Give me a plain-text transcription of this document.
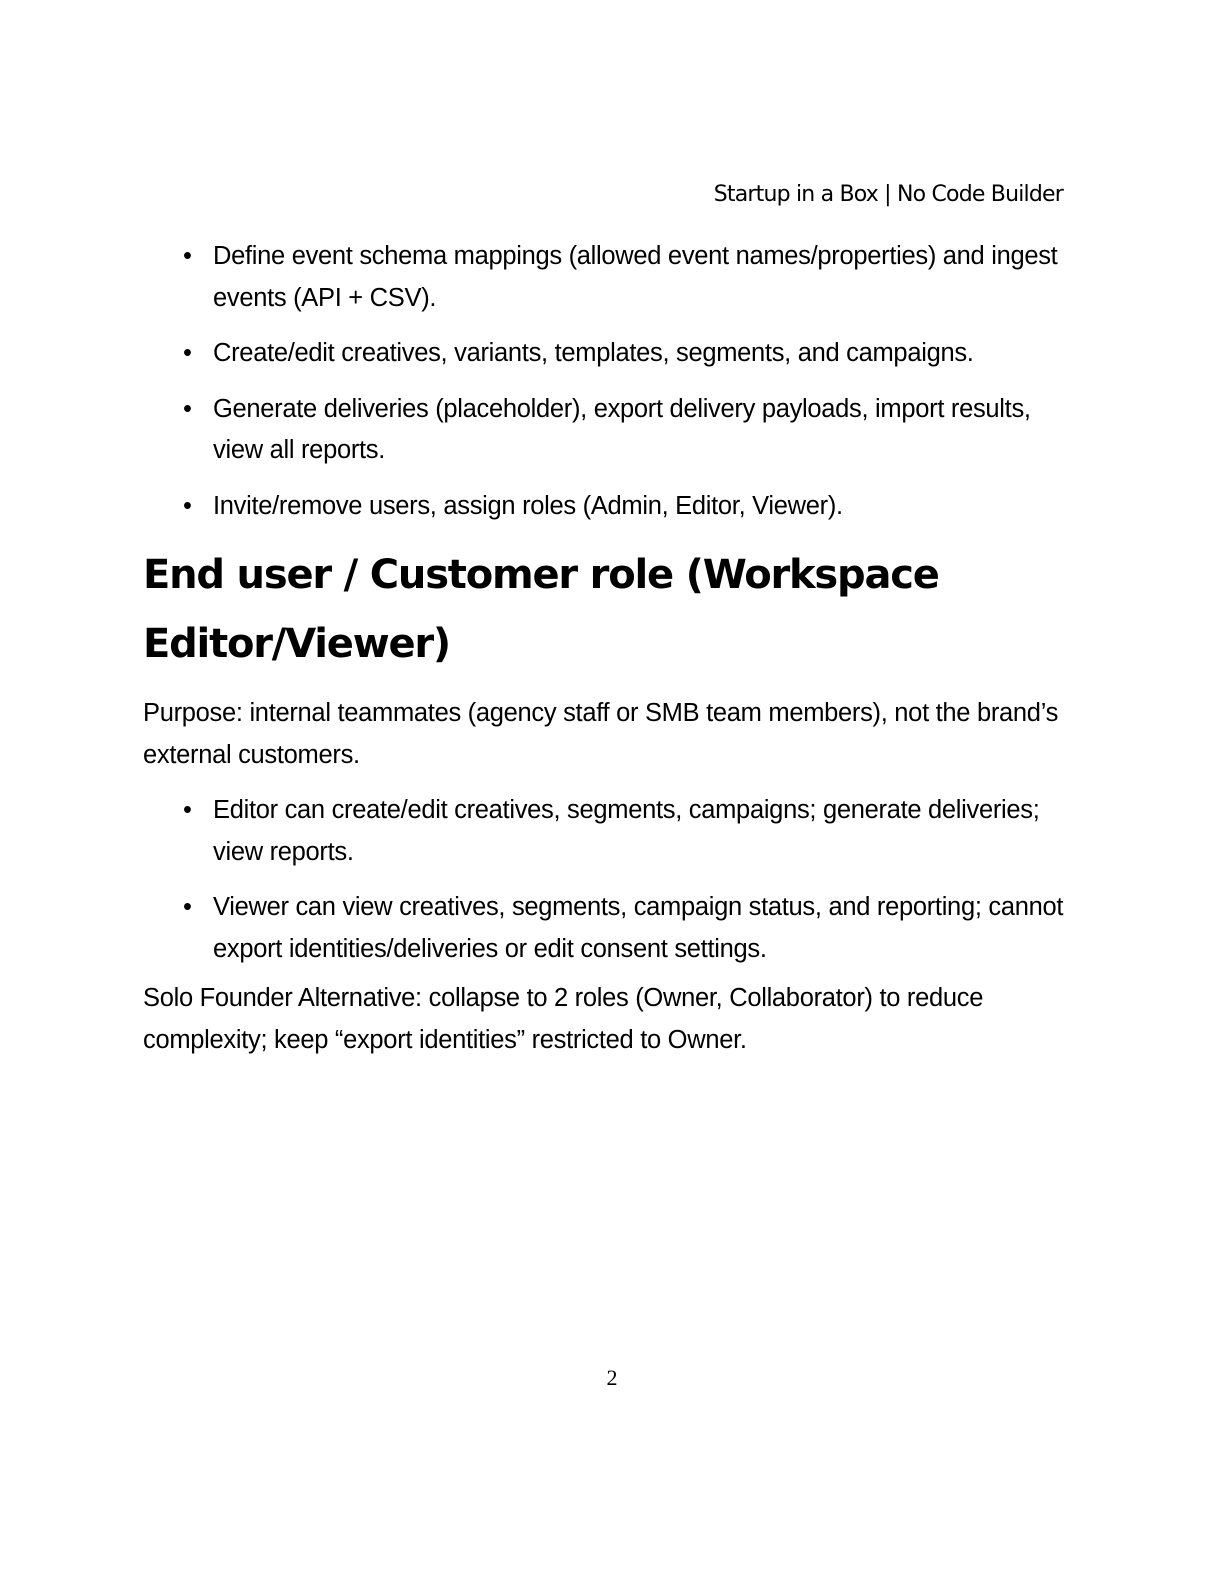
Startup in a Box | No Code Builder
• Define event schema mappings (allowed event names/properties) and ingest events (API + CSV).
• Create/edit creatives, variants, templates, segments, and campaigns.
• Generate deliveries (placeholder), export delivery payloads, import results, view all reports.
• Invite/remove users, assign roles (Admin, Editor, Viewer).
End user / Customer role (Workspace Editor/Viewer)

Purpose: internal teammates (agency staff or SMB team members), not the brand’s external customers.

• Editor can create/edit creatives, segments, campaigns; generate deliveries; view reports.
• Viewer can view creatives, segments, campaign status, and reporting; cannot export identities/deliveries or edit consent settings.

Solo Founder Alternative: collapse to 2 roles (Owner, Collaborator) to reduce complexity; keep “export identities” restricted to Owner.

2
